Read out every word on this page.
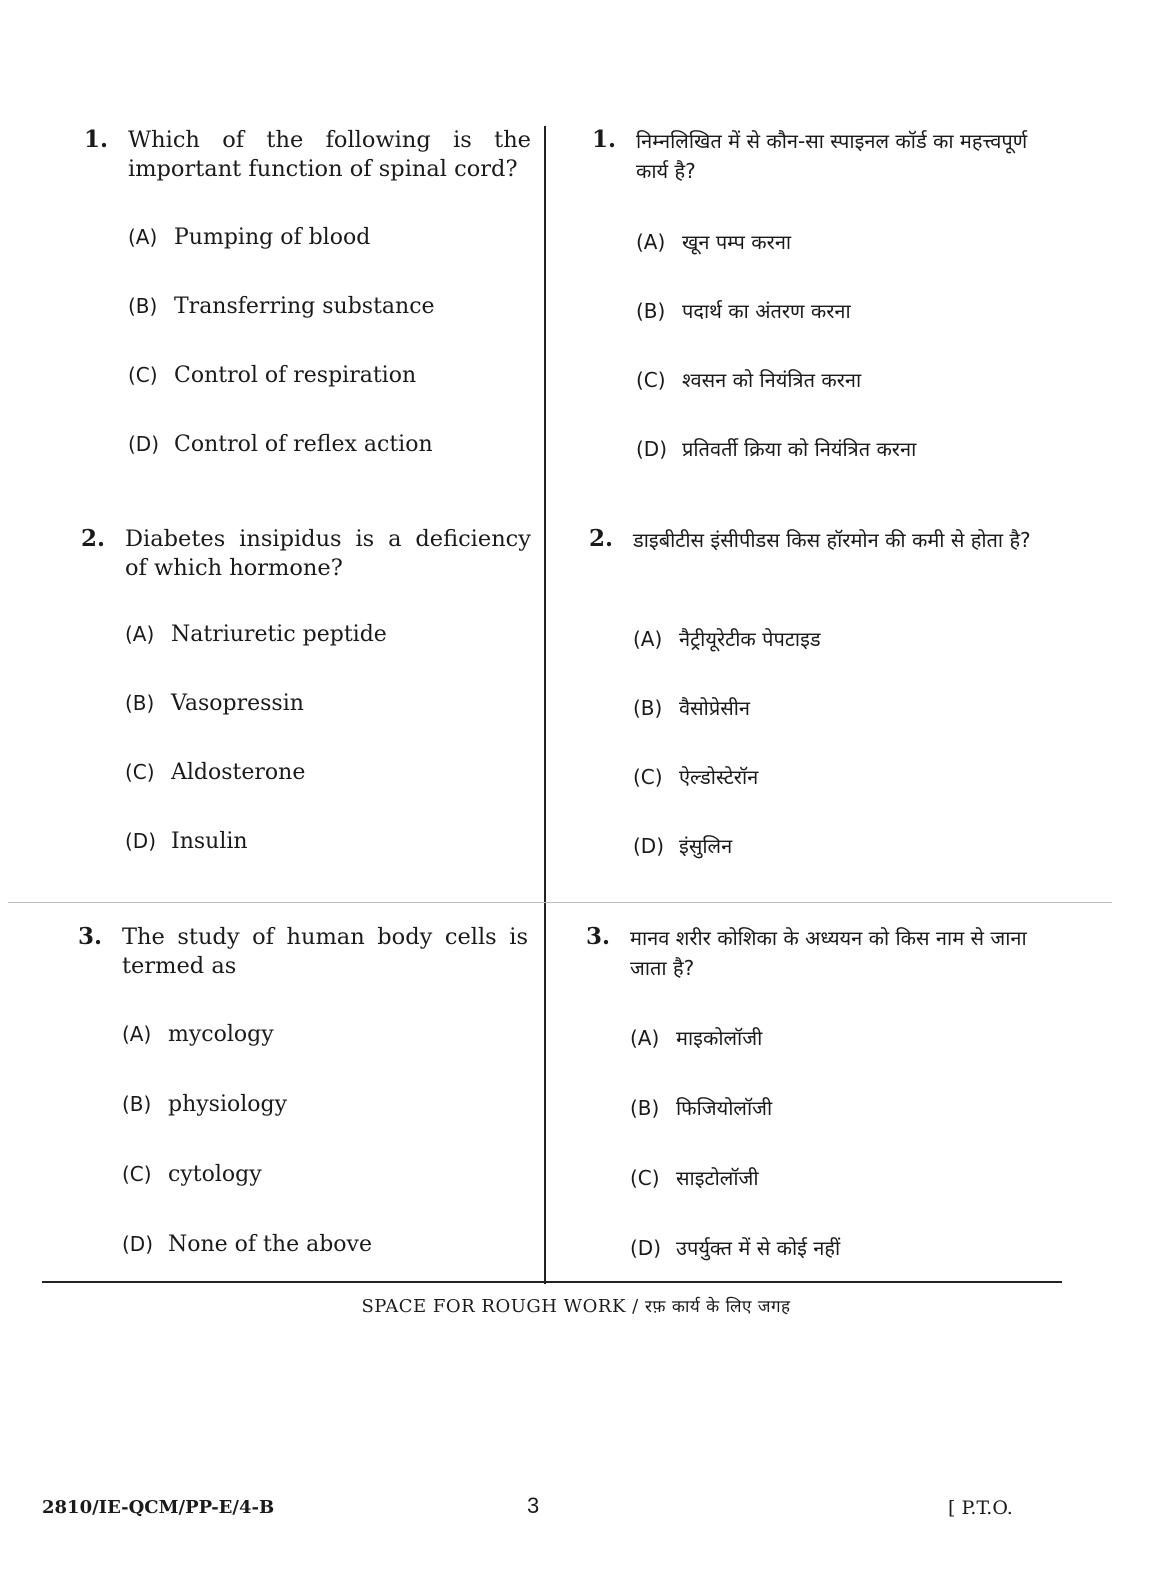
1. Which of the following is the important function of spinal cord?
(A) Pumping of blood
(B) Transferring substance
(C) Control of respiration
(D) Control of reflex action
1. निम्नलिखित में से कौन-सा स्पाइनल कॉर्ड का महत्त्वपूर्ण कार्य है?
(A) खून पम्प करना
(B) पदार्थ का अंतरण करना
(C) श्वसन को नियंत्रित करना
(D) प्रतिवर्ती क्रिया को नियंत्रित करना
2. Diabetes insipidus is a deficiency of which hormone?
(A) Natriuretic peptide
(B) Vasopressin
(C) Aldosterone
(D) Insulin
2. डाइबीटीस इंसीपीडस किस हॉरमोन की कमी से होता है?
(A) नैट्रीयूरेटीक पेपटाइड
(B) वैसोप्रेसीन
(C) ऐल्डोस्टेरॉन
(D) इंसुलिन
3. The study of human body cells is termed as
(A) mycology
(B) physiology
(C) cytology
(D) None of the above
3. मानव शरीर कोशिका के अध्ययन को किस नाम से जाना जाता है?
(A) माइकोलॉजी
(B) फिजियोलॉजी
(C) साइटोलॉजी
(D) उपर्युक्त में से कोई नहीं
SPACE FOR ROUGH WORK / रफ़ कार्य के लिए जगह
2810/IE-QCM/PP-E/4-B	3	[ P.T.O.
